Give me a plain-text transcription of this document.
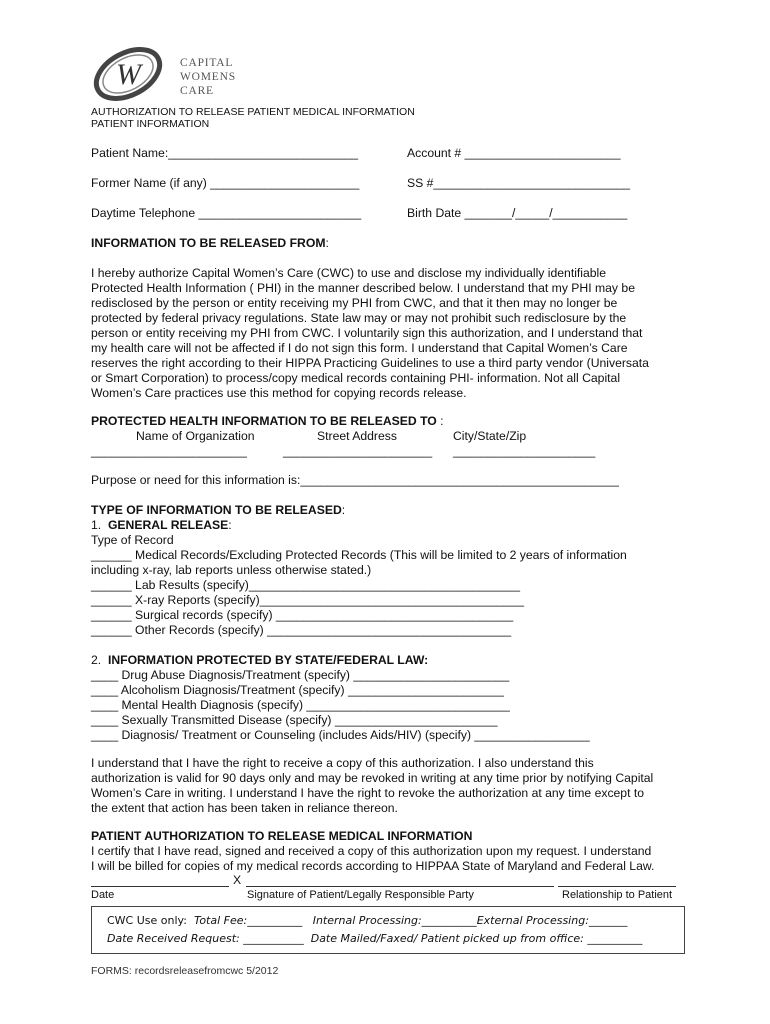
W	CAPITAL
WOMENS
CARE
AUTHORIZATION TO RELEASE PATIENT MEDICAL INFORMATION
PATIENT INFORMATION
Patient Name:____________________________	Account # _______________________
Former Name (if any) ______________________	SS #_____________________________
Daytime Telephone ________________________	Birth Date _______/_____/___________
INFORMATION TO BE RELEASED FROM:
I hereby authorize Capital Women’s Care (CWC) to use and disclose my individually identifiable
Protected Health Information ( PHI) in the manner described below. I understand that my PHI may be
redisclosed by the person or entity receiving my PHI from CWC, and that it then may no longer be
protected by federal privacy regulations. State law may or may not prohibit such redisclosure by the
person or entity receiving my PHI from CWC. I voluntarily sign this authorization, and I understand that
my health care will not be affected if I do not sign this form. I understand that Capital Women’s Care
reserves the right according to their HIPPA Practicing Guidelines to use a third party vendor (Universata
or Smart Corporation) to process/copy medical records containing PHI- information. Not all Capital
Women’s Care practices use this method for copying records release.
PROTECTED HEALTH INFORMATION TO BE RELEASED TO :
Name of Organization	Street Address	City/State/Zip
_______________________	______________________ _____________________
Purpose or need for this information is:_______________________________________________
TYPE OF INFORMATION TO BE RELEASED:
1.  GENERAL RELEASE:
Type of Record
______ Medical Records/Excluding Protected Records (This will be limited to 2 years of information
including x-ray, lab reports unless otherwise stated.)
______ Lab Results (specify)________________________________________
______ X-ray Reports (specify)_______________________________________
______ Surgical records (specify) ___________________________________
______ Other Records (specify) ____________________________________
2.  INFORMATION PROTECTED BY STATE/FEDERAL LAW:
____ Drug Abuse Diagnosis/Treatment (specify) _______________________
____ Alcoholism Diagnosis/Treatment (specify) _______________________
____ Mental Health Diagnosis (specify) ______________________________
____ Sexually Transmitted Disease (specify) ________________________
____ Diagnosis/ Treatment or Counseling (includes Aids/HIV) (specify) _________________
I understand that I have the right to receive a copy of this authorization. I also understand this
authorization is valid for 90 days only and may be revoked in writing at any time prior by notifying Capital
Women’s Care in writing. I understand I have the right to revoke the authorization at any time except to
the extent that action has been taken in reliance thereon.
PATIENT AUTHORIZATION TO RELEASE MEDICAL INFORMATION
I certify that I have read, signed and received a copy of this authorization upon my request. I understand
I will be billed for copies of my medical records according to HIPPAA State of Maryland and Federal Law.
X
Date	Signature of Patient/Legally Responsible Party	Relationship to Patient
CWC Use only:  Total Fee:__________ Internal Processing:__________External Processing:_______
Date Received Request: ___________ Date Mailed/Faxed/ Patient picked up from office: __________
FORMS: recordsreleasefromcwc 5/2012
